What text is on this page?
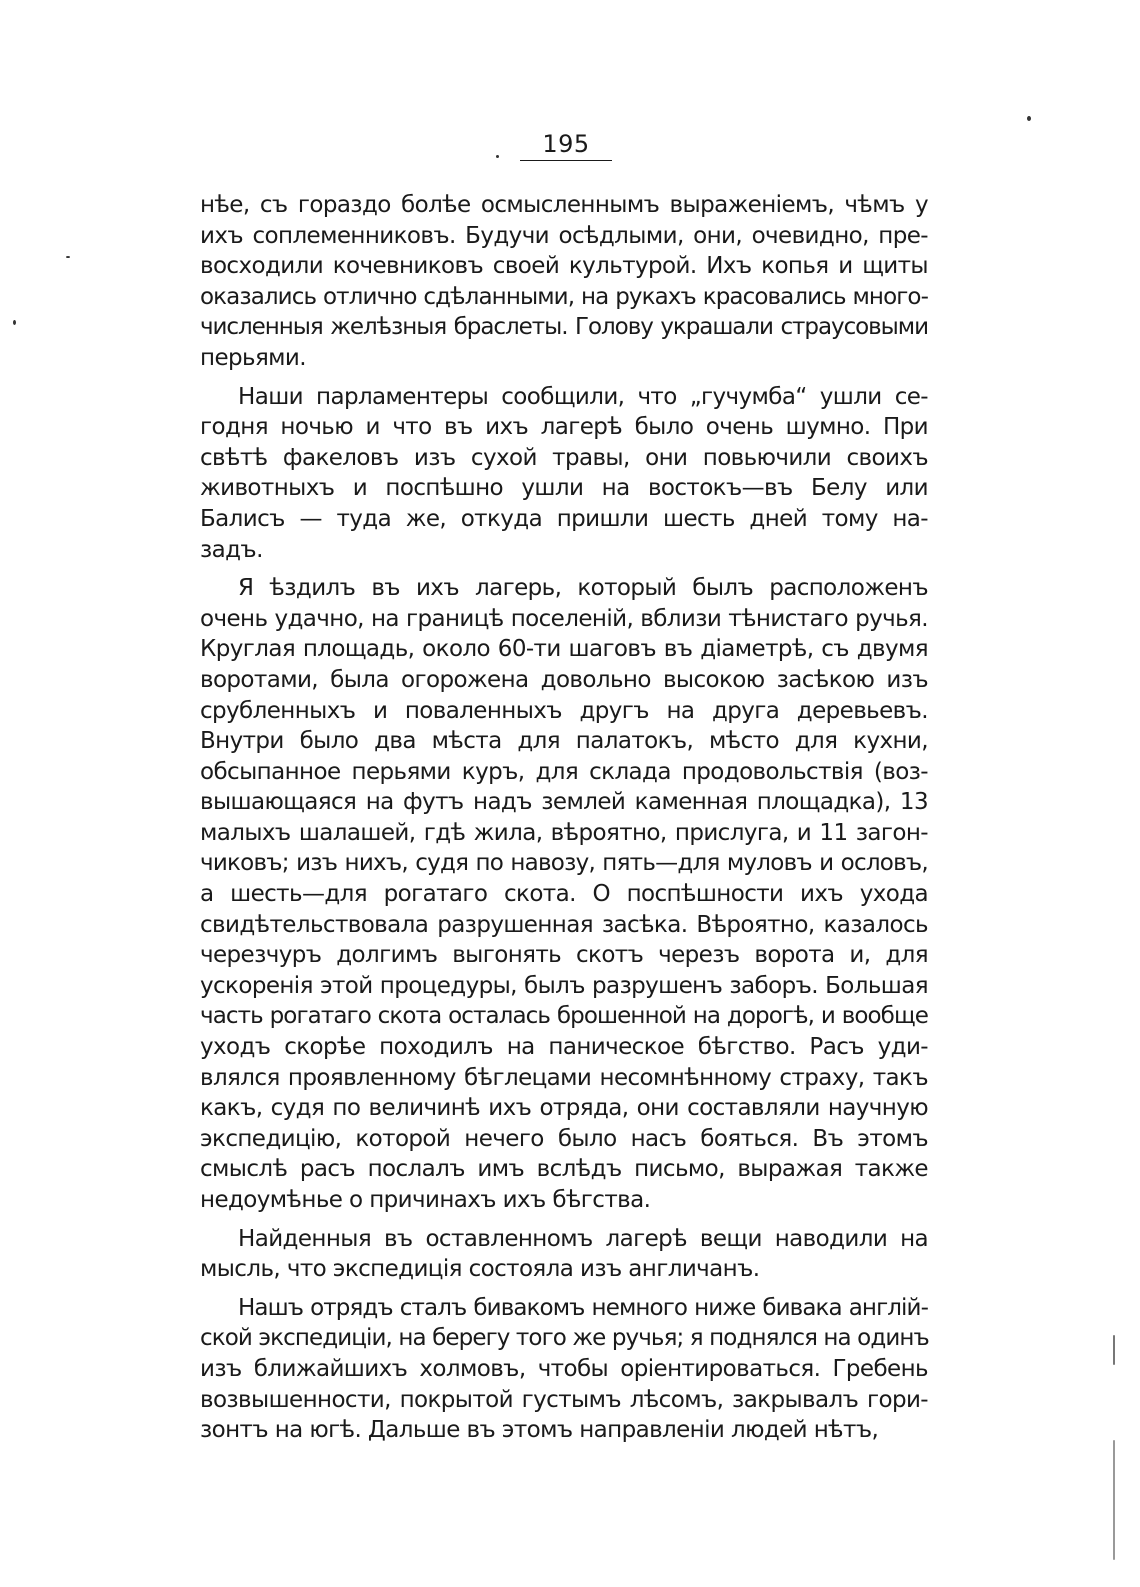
195
нѣе, съ гораздо болѣе осмысленнымъ выраженіемъ, чѣмъ у
ихъ соплеменниковъ. Будучи осѣдлыми, они, очевидно, пре-
восходили кочевниковъ своей культурой. Ихъ копья и щиты
оказались отлично сдѣланными, на рукахъ красовались много-
численныя желѣзныя браслеты. Голову украшали страусовыми
перьями.
Наши парламентеры сообщили, что „гучумба“ ушли се-
годня ночью и что въ ихъ лагерѣ было очень шумно. При
свѣтѣ факеловъ изъ сухой травы, они повьючили своихъ
животныхъ и поспѣшно ушли на востокъ—въ Белу или
Балисъ — туда же, откуда пришли шесть дней тому на-
задъ.
Я ѣздилъ въ ихъ лагерь, который былъ расположенъ
очень удачно, на границѣ поселеній, вблизи тѣнистаго ручья.
Круглая площадь, около 60-ти шаговъ въ діаметрѣ, съ двумя
воротами, была огорожена довольно высокою засѣкою изъ
срубленныхъ и поваленныхъ другъ на друга деревьевъ.
Внутри было два мѣста для палатокъ, мѣсто для кухни,
обсыпанное перьями куръ, для склада продовольствія (воз-
вышающаяся на футъ надъ землей каменная площадка), 13
малыхъ шалашей, гдѣ жила, вѣроятно, прислуга, и 11 загон-
чиковъ; изъ нихъ, судя по навозу, пять—для муловъ и ословъ,
а шесть—для рогатаго скота. О поспѣшности ихъ ухода
свидѣтельствовала разрушенная засѣка. Вѣроятно, казалось
черезчуръ долгимъ выгонять скотъ черезъ ворота и, для
ускоренія этой процедуры, былъ разрушенъ заборъ. Большая
часть рогатаго скота осталась брошенной на дорогѣ, и вообще
уходъ скорѣе походилъ на паническое бѣгство. Расъ уди-
влялся проявленному бѣглецами несомнѣнному страху, такъ
какъ, судя по величинѣ ихъ отряда, они составляли научную
экспедицію, которой нечего было насъ бояться. Въ этомъ
смыслѣ расъ послалъ имъ вслѣдъ письмо, выражая также
недоумѣнье о причинахъ ихъ бѣгства.
Найденныя въ оставленномъ лагерѣ вещи наводили на
мысль, что экспедиція состояла изъ англичанъ.
Нашъ отрядъ сталъ бивакомъ немного ниже бивака англій-
ской экспедиціи, на берегу того же ручья; я поднялся на одинъ
изъ ближайшихъ холмовъ, чтобы оріентироваться. Гребень
возвышенности, покрытой густымъ лѣсомъ, закрывалъ гори-
зонтъ на югѣ. Дальше въ этомъ направленіи людей нѣтъ,
